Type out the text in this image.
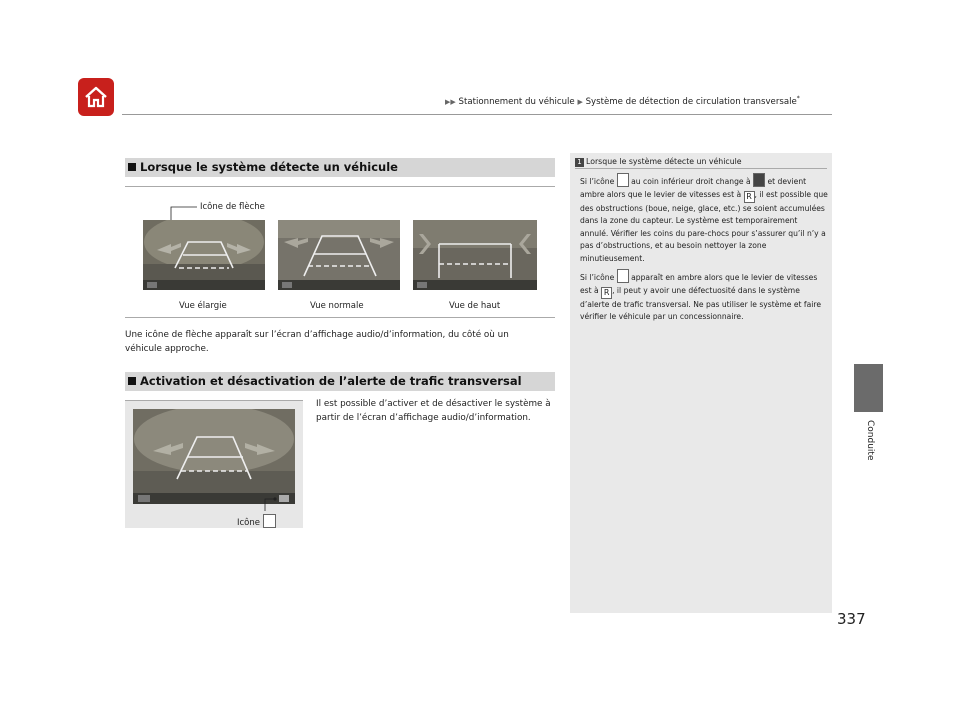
▶▶ Stationnement du véhicule ▶ Système de détection de circulation transversale*
Conduite
337
Lorsque le système détecte un véhicule
Icône de flèche
Vue élargie	Vue normale	Vue de haut
Une icône de flèche apparaît sur l’écran d’affichage audio/d’information, du côté où un véhicule approche.
Activation et désactivation de l’alerte de trafic transversal
Icône
Il est possible d’activer et de désactiver le système à partir de l’écran d’affichage audio/d’information.
1 Lorsque le système détecte un véhicule
Si l’icône au coin inférieur droit change à et devient ambre alors que le levier de vitesses est à R , il est possible que des obstructions (boue, neige, glace, etc.) se soient accumulées dans la zone du capteur. Le système est temporairement annulé. Vérifier les coins du pare-chocs pour s’assurer qu’il n’y a pas d’obstructions, et au besoin nettoyer la zone minutieusement.
Si l’icône apparaît en ambre alors que le levier de vitesses est à R , il peut y avoir une défectuosité dans le système d’alerte de trafic transversal. Ne pas utiliser le système et faire vérifier le véhicule par un concessionnaire.
